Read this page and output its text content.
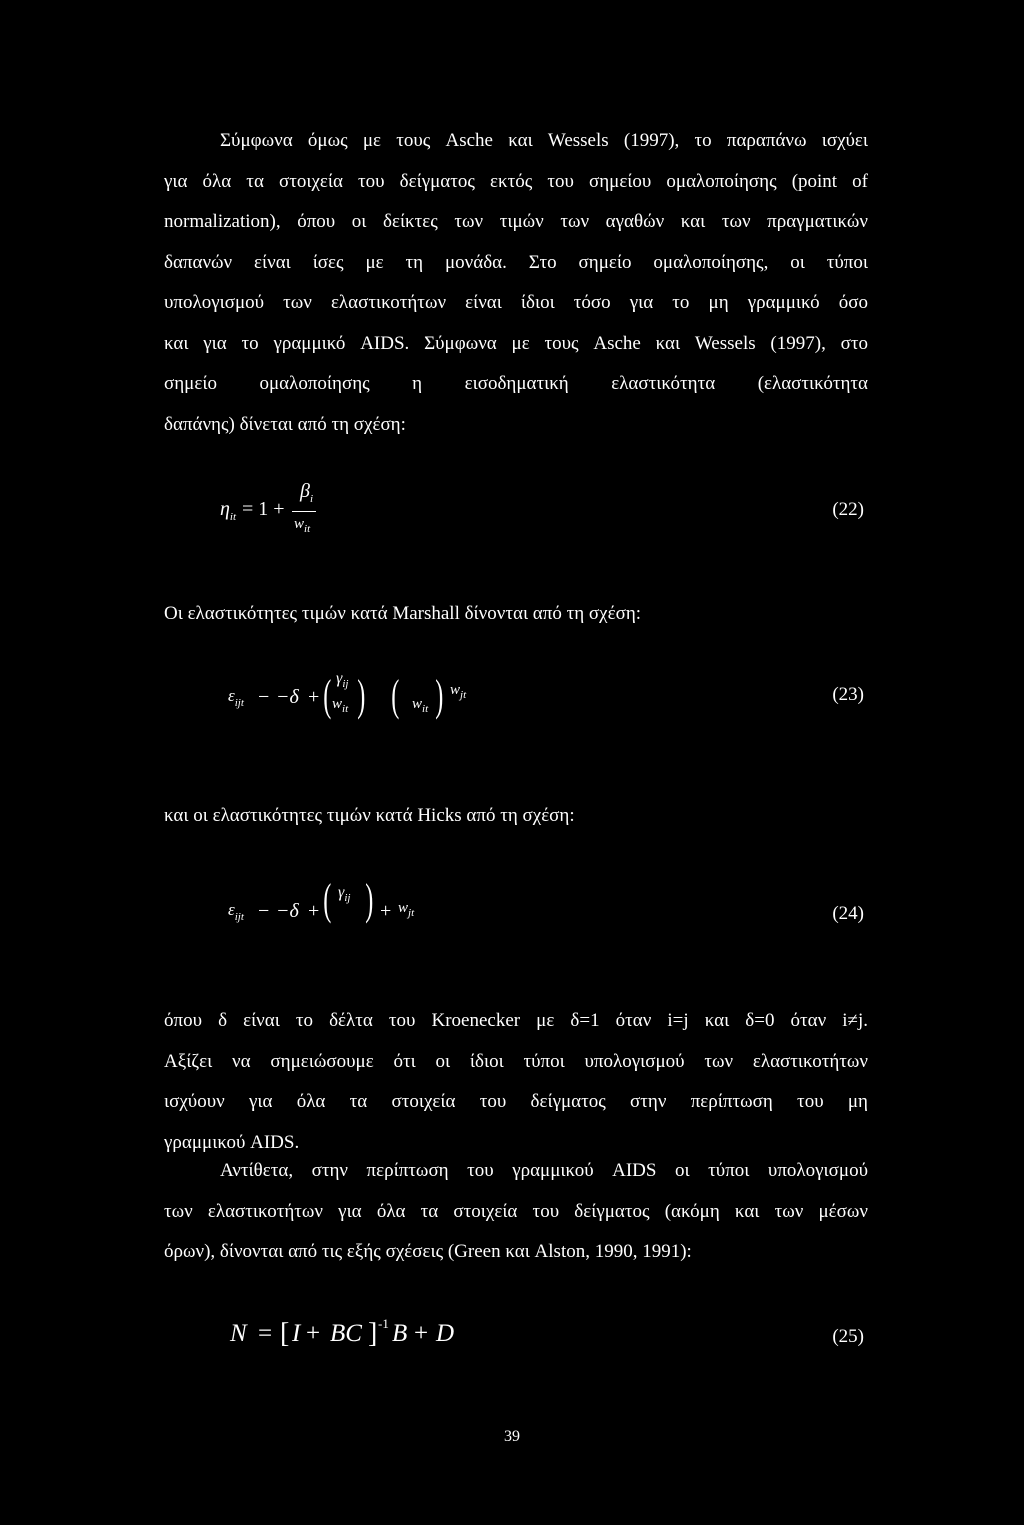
Σύμφωνα όμως με τους Asche και Wessels (1997), το παραπάνω ισχύει
για όλα τα στοιχεία του δείγματος εκτός του σημείου ομαλοποίησης (point of
normalization), όπου οι δείκτες των τιμών των αγαθών και των πραγματικών
δαπανών είναι ίσες με τη μονάδα. Στο σημείο ομαλοποίησης, οι τύποι
υπολογισμού των ελαστικοτήτων είναι ίδιοι τόσο για το μη γραμμικό όσο
και για το γραμμικό AIDS. Σύμφωνα με τους Asche και Wessels (1997), στο
σημείο ομαλοποίησης η εισοδηματική ελαστικότητα (ελαστικότητα
δαπάνης) δίνεται από τη σχέση:
$\eta_{it} = 1$ +
$\beta_i$
$w_{it}$
(22)
Οι ελαστικότητες τιμών κατά Marshall δίνονται από τη σχέση:
$\varepsilon_{ijt} - -\delta$ + ( $\gamma_{ij}$
$w_{it}$ ) ( $w_{it}$ ) $w_{jt}$	(23)
και οι ελαστικότητες τιμών κατά Hicks από τη σχέση:
$\varepsilon_{ijt} - -\delta$ + ( $\gamma_{ij}$ ) + $w_{jt}$	(24)
όπου δ είναι το δέλτα του Kroenecker με δ=1 όταν i=j και δ=0 όταν i≠j.
Αξίζει να σημειώσουμε ότι οι ίδιοι τύποι υπολογισμού των ελαστικοτήτων
ισχύουν για όλα τα στοιχεία του δείγματος στην περίπτωση του μη
γραμμικού AIDS.
Αντίθετα, στην περίπτωση του γραμμικού AIDS οι τύποι υπολογισμού
των ελαστικοτήτων για όλα τα στοιχεία του δείγματος (ακόμη και των μέσων
όρων), δίνονται από τις εξής σχέσεις (Green και Alston, 1990, 1991):
N = [ I + BC ] -1 B + D	(25)
39
